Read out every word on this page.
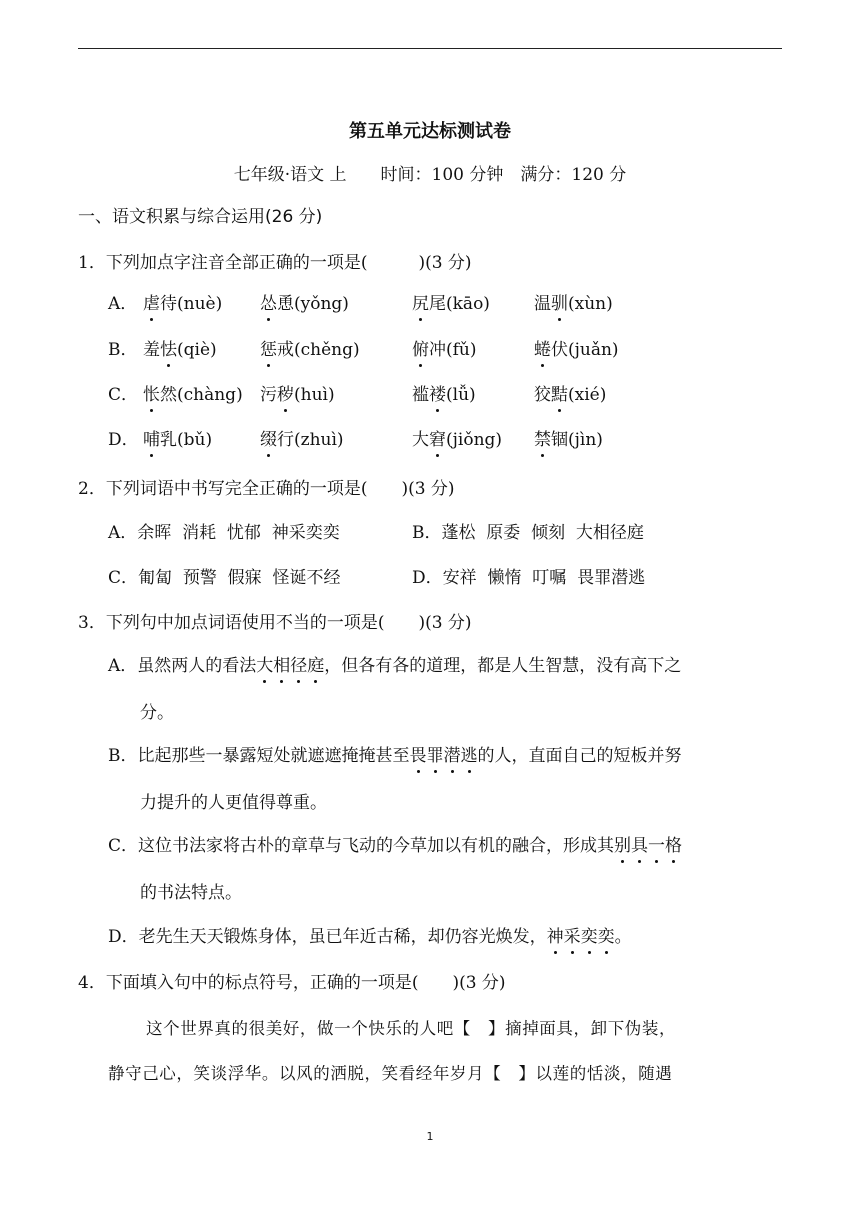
第五单元达标测试卷
七年级·语文 上　　时间：100 分钟　满分：120 分
一、语文积累与综合运用(26 分)
1．下列加点字注音全部正确的一项是(　　　)(3 分)
A． 虐待(nuè) 怂恿(yǒng)	尻尾(kāo)	温驯(xùn)
B． 羞怯(qiè)	惩戒(chěng)	俯冲(fǔ)	蜷伏(juǎn)
C． 怅然(chàng) 污秽(huì)	褴褛(lǚ)	狡黠(xié)
D． 哺乳(bǔ)	缀行(zhuì)	大窘(jiǒng) 禁锢(jìn)
2．下列词语中书写完全正确的一项是(　　)(3 分)
A．余晖  消耗  忧郁  神采奕奕	B．蓬松  原委  倾刻  大相径庭
C．匍匐  预警  假寐  怪诞不经	D．安祥  懒惰  叮嘱  畏罪潜逃
3．下列句中加点词语使用不当的一项是(　　)(3 分)
A．虽然两人的看法大相径庭，但各有各的道理，都是人生智慧，没有高下之
分。
B．比起那些一暴露短处就遮遮掩掩甚至畏罪潜逃的人，直面自己的短板并努
力提升的人更值得尊重。
C．这位书法家将古朴的章草与飞动的今草加以有机的融合，形成其别具一格
的书法特点。
D．老先生天天锻炼身体，虽已年近古稀，却仍容光焕发，神采奕奕。
4．下面填入句中的标点符号，正确的一项是(　　)(3 分)
这个世界真的很美好，做一个快乐的人吧【　】摘掉面具，卸下伪装，
静守己心，笑谈浮华。以风的洒脱，笑看经年岁月【　】以莲的恬淡，随遇
1
